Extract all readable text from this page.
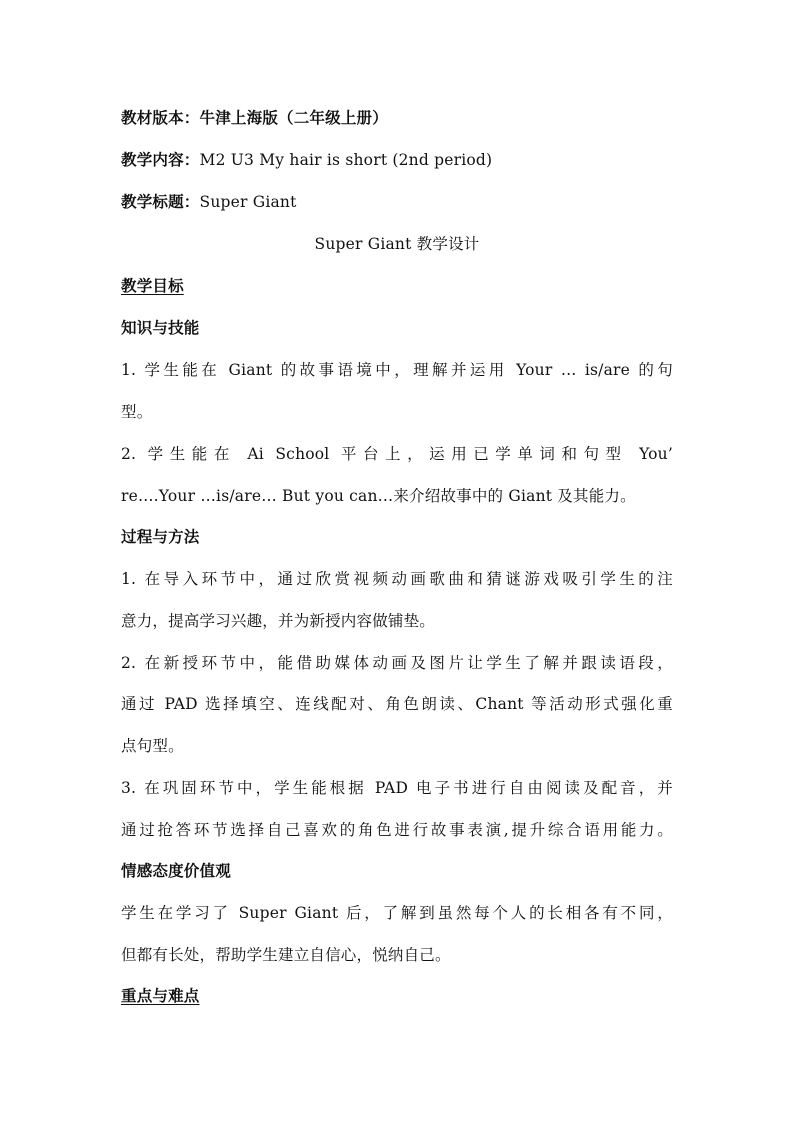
教材版本：牛津上海版（二年级上册）
教学内容：M2 U3 My hair is short (2nd period)
教学标题：Super Giant
Super Giant 教学设计
教学目标
知识与技能
1. 学生能在 Giant 的故事语境中，理解并运用 Your … is/are 的句
型。
2. 学生能在 Ai School 平台上，运用已学单词和句型 You’
re….Your …is/are… But you can…来介绍故事中的 Giant 及其能力。
过程与方法
1. 在导入环节中，通过欣赏视频动画歌曲和猜谜游戏吸引学生的注
意力，提高学习兴趣，并为新授内容做铺垫。
2. 在新授环节中，能借助媒体动画及图片让学生了解并跟读语段，
通过 PAD 选择填空、连线配对、角色朗读、Chant 等活动形式强化重
点句型。
3. 在巩固环节中，学生能根据 PAD 电子书进行自由阅读及配音，并
通过抢答环节选择自己喜欢的角色进行故事表演,提升综合语用能力。
情感态度价值观
学生在学习了 Super Giant 后，了解到虽然每个人的长相各有不同，
但都有长处，帮助学生建立自信心，悦纳自己。
重点与难点
